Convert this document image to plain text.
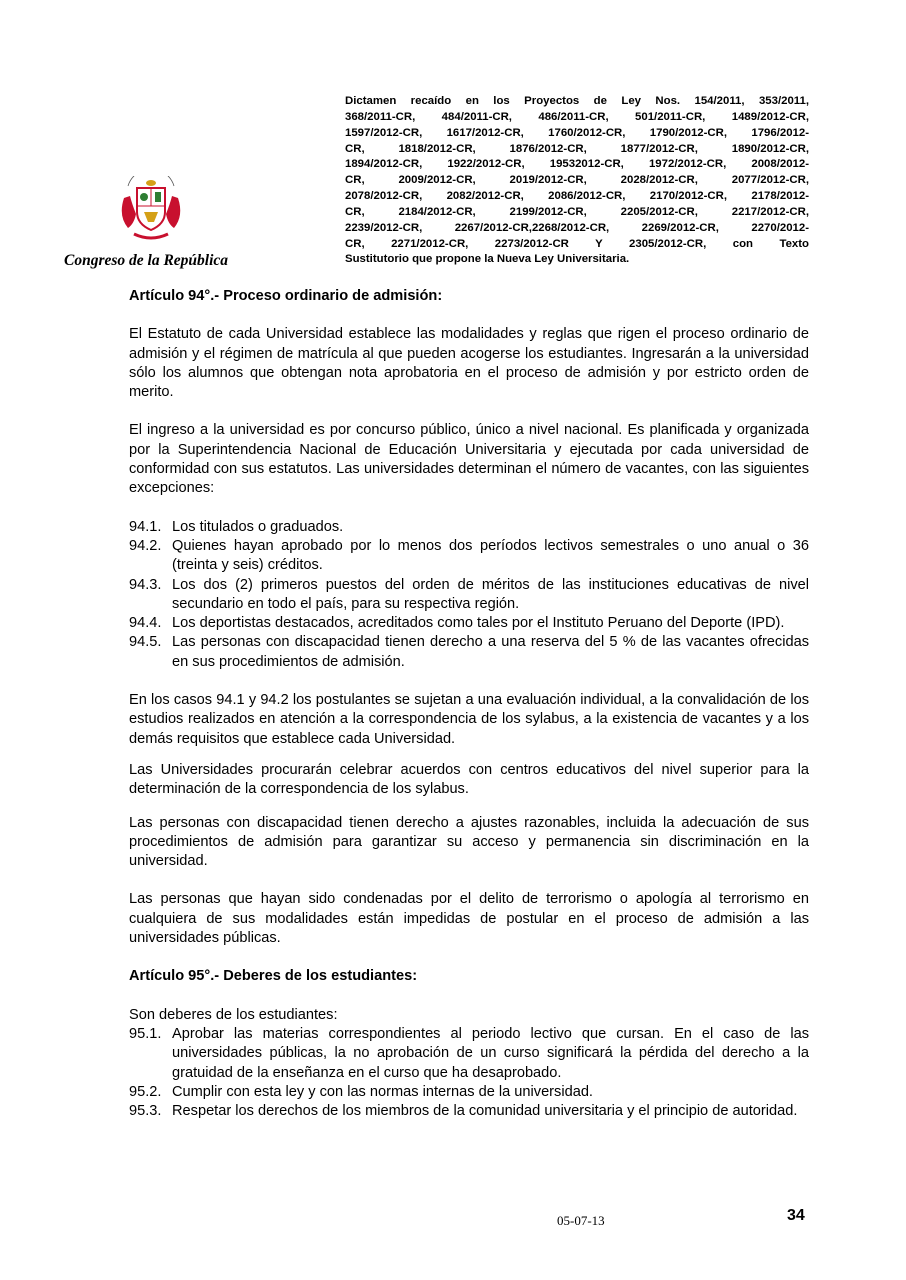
Congreso de la República
Dictamen recaído en los Proyectos de Ley Nos. 154/2011, 353/2011,
368/2011-CR, 484/2011-CR, 486/2011-CR, 501/2011-CR, 1489/2012-CR,
1597/2012-CR, 1617/2012-CR, 1760/2012-CR, 1790/2012-CR, 1796/2012-
CR, 1818/2012-CR, 1876/2012-CR, 1877/2012-CR, 1890/2012-CR,
1894/2012-CR, 1922/2012-CR, 19532012-CR, 1972/2012-CR, 2008/2012-
CR, 2009/2012-CR, 2019/2012-CR, 2028/2012-CR, 2077/2012-CR,
2078/2012-CR, 2082/2012-CR, 2086/2012-CR, 2170/2012-CR, 2178/2012-
CR, 2184/2012-CR, 2199/2012-CR, 2205/2012-CR, 2217/2012-CR,
2239/2012-CR, 2267/2012-CR,2268/2012-CR, 2269/2012-CR, 2270/2012-
CR, 2271/2012-CR, 2273/2012-CR Y 2305/2012-CR, con Texto
Sustitutorio que propone la Nueva Ley Universitaria.

Artículo 94°.- Proceso ordinario de admisión:

El Estatuto de cada Universidad establece las modalidades y reglas que rigen el proceso ordinario de admisión y el régimen de matrícula al que pueden acogerse los estudiantes. Ingresarán a la universidad sólo los alumnos que obtengan nota aprobatoria en el proceso de admisión y por estricto orden de merito.

El ingreso a la universidad es por concurso público, único a nivel nacional. Es planificada y organizada por la Superintendencia Nacional de Educación Universitaria y ejecutada por cada universidad de conformidad con sus estatutos. Las universidades determinan el número de vacantes, con las siguientes excepciones:

94.1. Los titulados o graduados.
94.2. Quienes hayan aprobado por lo menos dos períodos lectivos semestrales o uno anual o 36 (treinta y seis) créditos.
94.3. Los dos (2) primeros puestos del orden de méritos de las instituciones educativas de nivel secundario en todo el país, para su respectiva región.
94.4. Los deportistas destacados, acreditados como tales por el Instituto Peruano del Deporte (IPD).
94.5. Las personas con discapacidad tienen derecho a una reserva del 5 % de las vacantes ofrecidas en sus procedimientos de admisión.

En los casos 94.1 y 94.2 los postulantes se sujetan a una evaluación individual, a la convalidación de los estudios realizados en atención a la correspondencia de los sylabus, a la existencia de vacantes y a los demás requisitos que establece cada Universidad.

Las Universidades procurarán celebrar acuerdos con centros educativos del nivel superior para la determinación de la correspondencia de los sylabus.

Las personas con discapacidad tienen derecho a ajustes razonables, incluida la adecuación de sus procedimientos de admisión para garantizar su acceso y permanencia sin discriminación en la universidad.

Las personas que hayan sido condenadas por el delito de terrorismo o apología al terrorismo en cualquiera de sus modalidades están impedidas de postular en el proceso de admisión a las universidades públicas.

Artículo 95°.- Deberes de los estudiantes:

Son deberes de los estudiantes:

95.1. Aprobar las materias correspondientes al periodo lectivo que cursan. En el caso de las universidades públicas, la no aprobación de un curso significará la pérdida del derecho a la gratuidad de la enseñanza en el curso que ha desaprobado.
95.2. Cumplir con esta ley y con las normas internas de la universidad.
95.3. Respetar los derechos de los miembros de la comunidad universitaria y el principio de autoridad.
05-07-13	34
